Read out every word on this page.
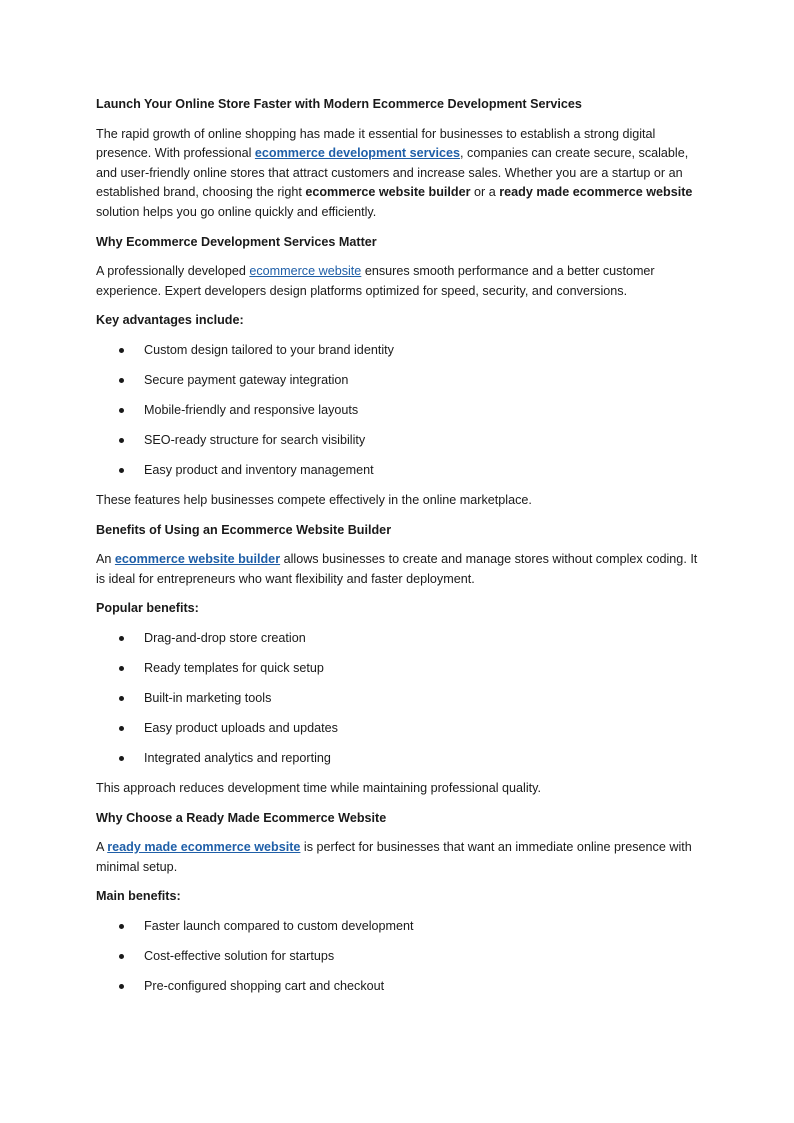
Launch Your Online Store Faster with Modern Ecommerce Development Services

The rapid growth of online shopping has made it essential for businesses to establish a strong digital presence. With professional ecommerce development services, companies can create secure, scalable, and user-friendly online stores that attract customers and increase sales. Whether you are a startup or an established brand, choosing the right ecommerce website builder or a ready made ecommerce website solution helps you go online quickly and efficiently.

Why Ecommerce Development Services Matter

A professionally developed ecommerce website ensures smooth performance and a better customer experience. Expert developers design platforms optimized for speed, security, and conversions.

Key advantages include:

Custom design tailored to your brand identity
Secure payment gateway integration
Mobile-friendly and responsive layouts
SEO-ready structure for search visibility
Easy product and inventory management

These features help businesses compete effectively in the online marketplace.

Benefits of Using an Ecommerce Website Builder

An ecommerce website builder allows businesses to create and manage stores without complex coding. It is ideal for entrepreneurs who want flexibility and faster deployment.

Popular benefits:

Drag-and-drop store creation
Ready templates for quick setup
Built-in marketing tools
Easy product uploads and updates
Integrated analytics and reporting

This approach reduces development time while maintaining professional quality.

Why Choose a Ready Made Ecommerce Website

A ready made ecommerce website is perfect for businesses that want an immediate online presence with minimal setup.

Main benefits:

Faster launch compared to custom development
Cost-effective solution for startups
Pre-configured shopping cart and checkout
